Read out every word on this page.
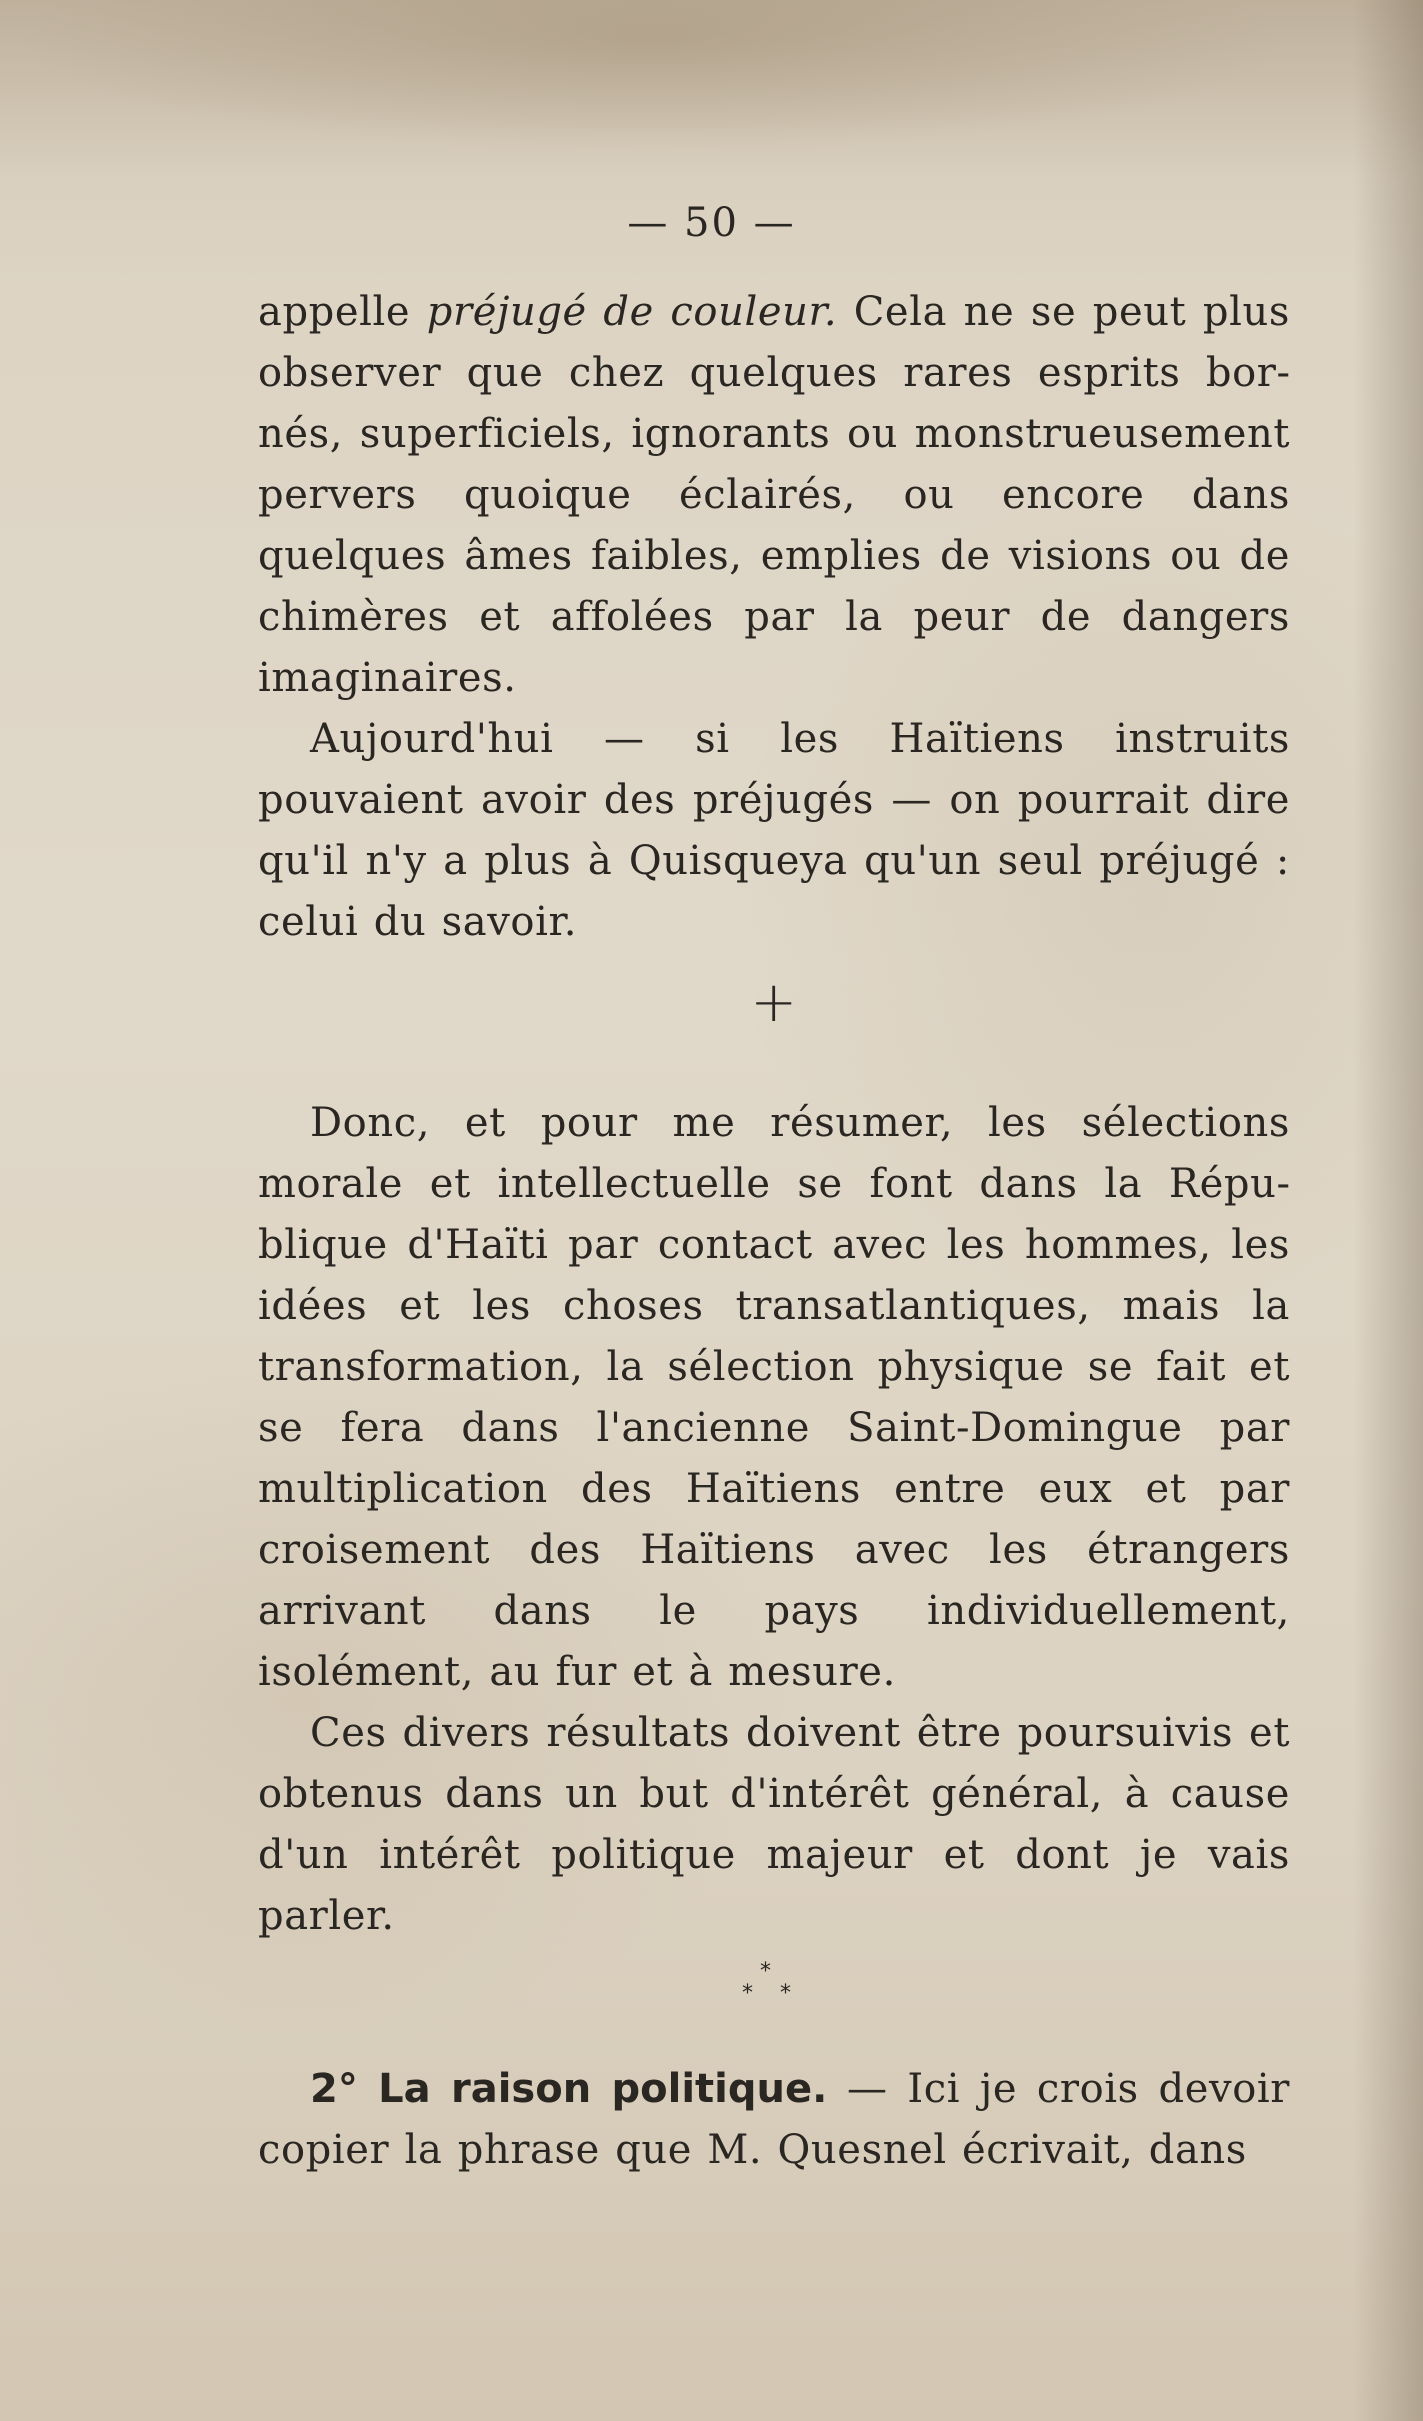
— 50 —

appelle préjugé de couleur. Cela ne se peut plus observer que chez quelques rares esprits bornés, superficiels, ignorants ou monstrueusement pervers quoique éclairés, ou encore dans quelques âmes faibles, emplies de visions ou de chimères et affolées par la peur de dangers imaginaires.

Aujourd'hui — si les Haïtiens instruits pouvaient avoir des préjugés — on pourrait dire qu'il n'y a plus à Quisqueya qu'un seul préjugé : celui du savoir.

+

Donc, et pour me résumer, les sélections morale et intellectuelle se font dans la République d'Haïti par contact avec les hommes, les idées et les choses transatlantiques, mais la transformation, la sélection physique se fait et se fera dans l'ancienne Saint-Domingue par multiplication des Haïtiens entre eux et par croisement des Haïtiens avec les étrangers arrivant dans le pays individuellement, isolément, au fur et à mesure.

Ces divers résultats doivent être poursuivis et obtenus dans un but d'intérêt général, à cause d'un intérêt politique majeur et dont je vais parler.

*
* *

2° La raison politique. — Ici je crois devoir copier la phrase que M. Quesnel écrivait, dans
